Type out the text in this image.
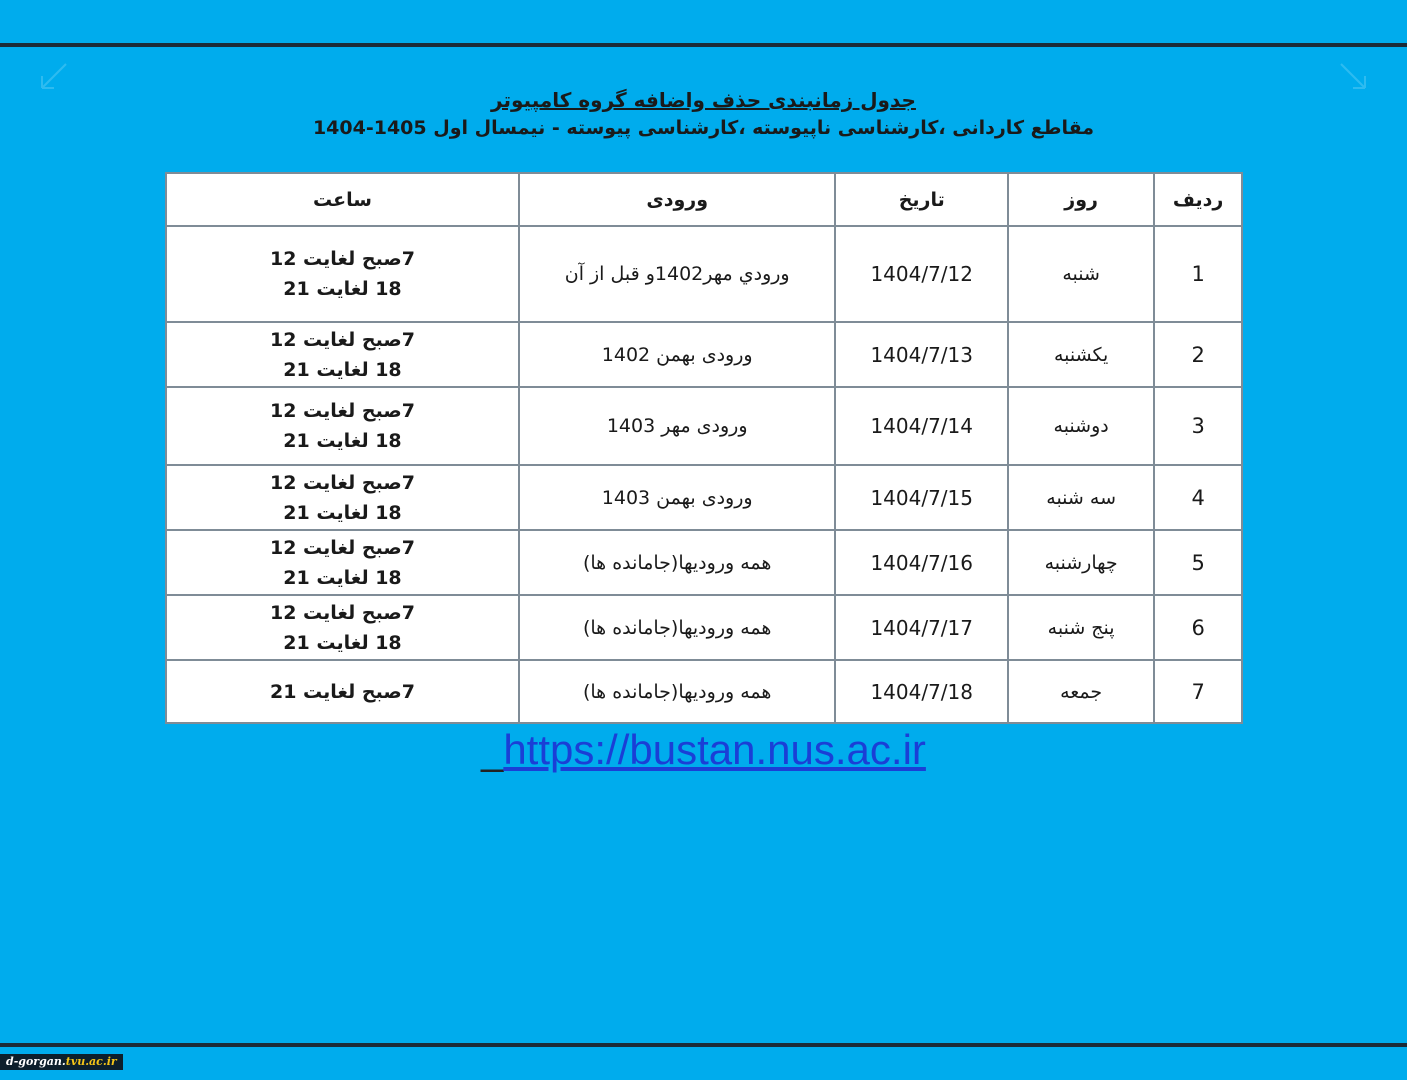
جدول زمانبندی حذف واضافه گروه کامپیوتر
مقاطع کاردانی ،کارشناسی ناپیوسته ،کارشناسی پیوسته - نیمسال اول 1405-1404
ردیف	روز	تاریخ	ورودی	ساعت
1	شنبه	1404/7/12	ورودي مهر1402و قبل از آن	7صبح لغایت 12
18 لغایت 21

2	یکشنبه	1404/7/13	ورودی بهمن 1402	7صبح لغایت 12
18 لغایت 21

3	دوشنبه	1404/7/14	ورودی مهر 1403	7صبح لغایت 12
18 لغایت 21

4	سه شنبه	1404/7/15	ورودی بهمن 1403	7صبح لغایت 12
18 لغایت 21

5	چهارشنبه	1404/7/16	همه ورودیها(جامانده ها)	7صبح لغایت 12
18 لغایت 21

6	پنج شنبه	1404/7/17	همه ورودیها(جامانده ها)	7صبح لغایت 12
18 لغایت 21

7	جمعه	1404/7/18	همه ورودیها(جامانده ها)	7صبح لغایت 21
_https://bustan.nus.ac.ir
d-gorgan.tvu.ac.ir
